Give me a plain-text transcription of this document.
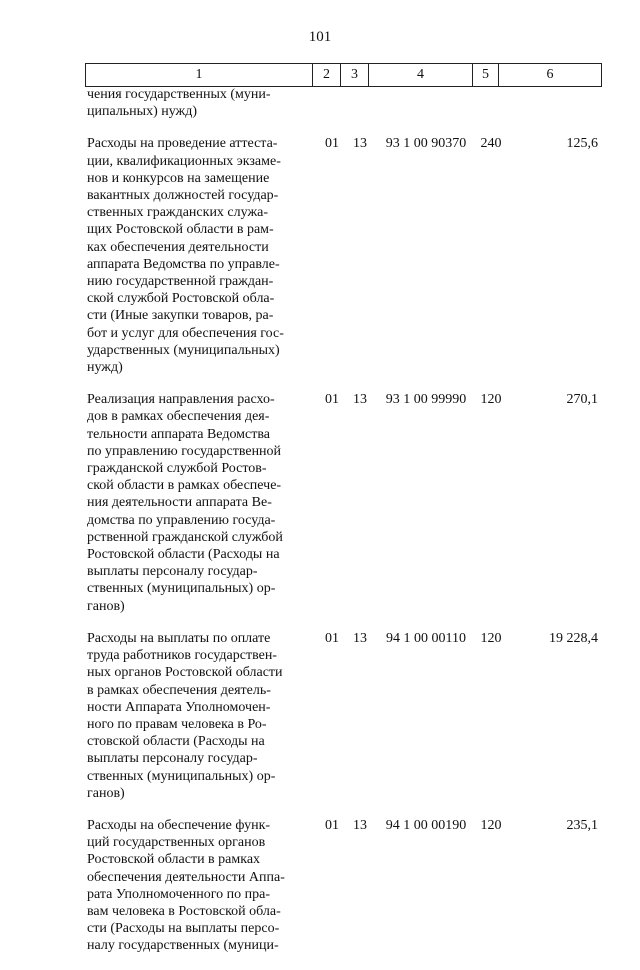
101
1	2	3	4	5	6
чения государственных (муни-
ципальных) нужд)
Расходы на проведение аттеста-
ции, квалификационных экзаме-
нов и конкурсов на замещение
вакантных должностей государ-
ственных гражданских служа-
щих Ростовской области в рам-
ках обеспечения деятельности
аппарата Ведомства по управле-
нию государственной граждан-
ской службой Ростовской обла-
сти (Иные закупки товаров, ра-
бот и услуг для обеспечения гос-
ударственных (муниципальных)
нужд)
01	13	93 1 00 90370	240	125,6
Реализация направления расхо-
дов в рамках обеспечения дея-
тельности аппарата Ведомства
по управлению государственной
гражданской службой Ростов-
ской области в рамках обеспече-
ния деятельности аппарата Ве-
домства по управлению госуда-
рственной гражданской службой
Ростовской области (Расходы на
выплаты персоналу государ-
ственных (муниципальных) ор-
ганов)
01	13	93 1 00 99990	120	270,1
Расходы на выплаты по оплате
труда работников государствен-
ных органов Ростовской области
в рамках обеспечения деятель-
ности Аппарата Уполномочен-
ного по правам человека в Ро-
стовской области (Расходы на
выплаты персоналу государ-
ственных (муниципальных) ор-
ганов)
01	13	94 1 00 00110	120	19 228,4
Расходы на обеспечение функ-
ций государственных органов
Ростовской области в рамках
обеспечения деятельности Аппа-
рата Уполномоченного по пра-
вам человека в Ростовской обла-
сти (Расходы на выплаты персо-
налу государственных (муници-
01	13	94 1 00 00190	120	235,1
